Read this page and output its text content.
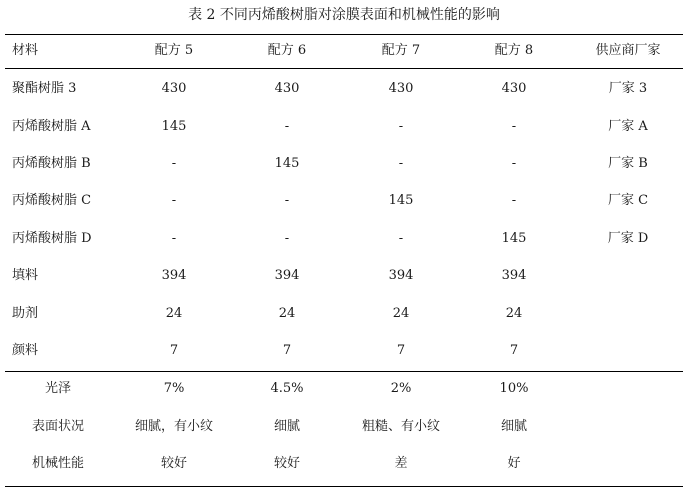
表 2 不同丙烯酸树脂对涂膜表面和机械性能的影响
材料	配方 5	配方 6	配方 7	配方 8	供应商厂家
聚酯树脂 3	430	430	430	430	厂家 3
丙烯酸树脂 A	145	-	-	-	厂家 A
丙烯酸树脂 B	-	145	-	-	厂家 B
丙烯酸树脂 C	-	-	145	-	厂家 C
丙烯酸树脂 D	-	-	-	145	厂家 D
填料	394	394	394	394
助剂	24	24	24	24
颜料	7	7	7	7
光泽	7%	4.5%	2%	10%
表面状况	细腻，有小纹	细腻	粗糙、有小纹	细腻
机械性能	较好	较好	差	好
